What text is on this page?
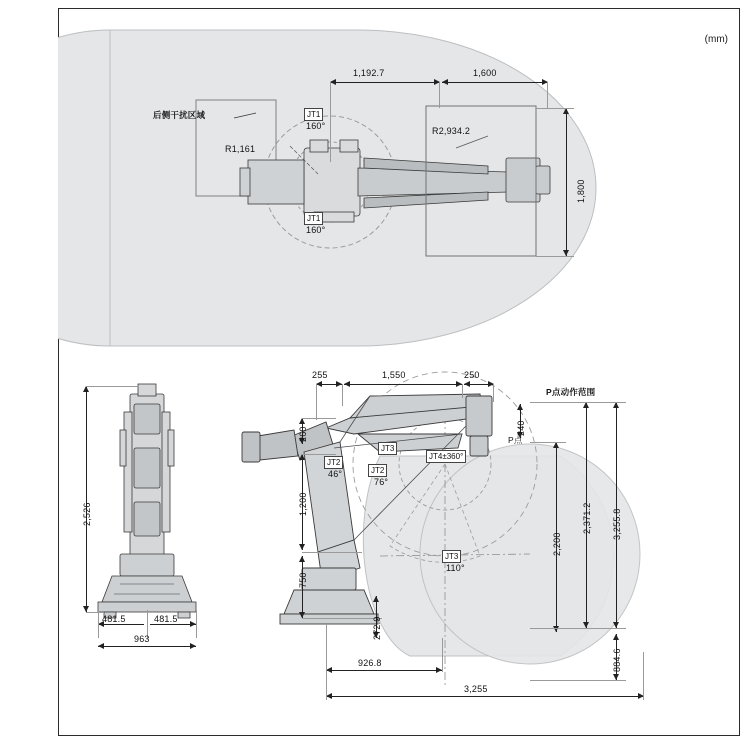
(mm)
1,192.7	1,600
1,800
后侧干扰区域	JT1
160°
JT1
160°
R1,161
R2,934.2
2,526
481.5	481.5
963
255	1,550	250
260
1,200
750
240
272.9
926.8
3,255
2,200
2,371.2 3,255.8
884.6
P点动作范围
P点
JT2
46°	JT2
76°
JT3
JT4±360°
JT3
110°
